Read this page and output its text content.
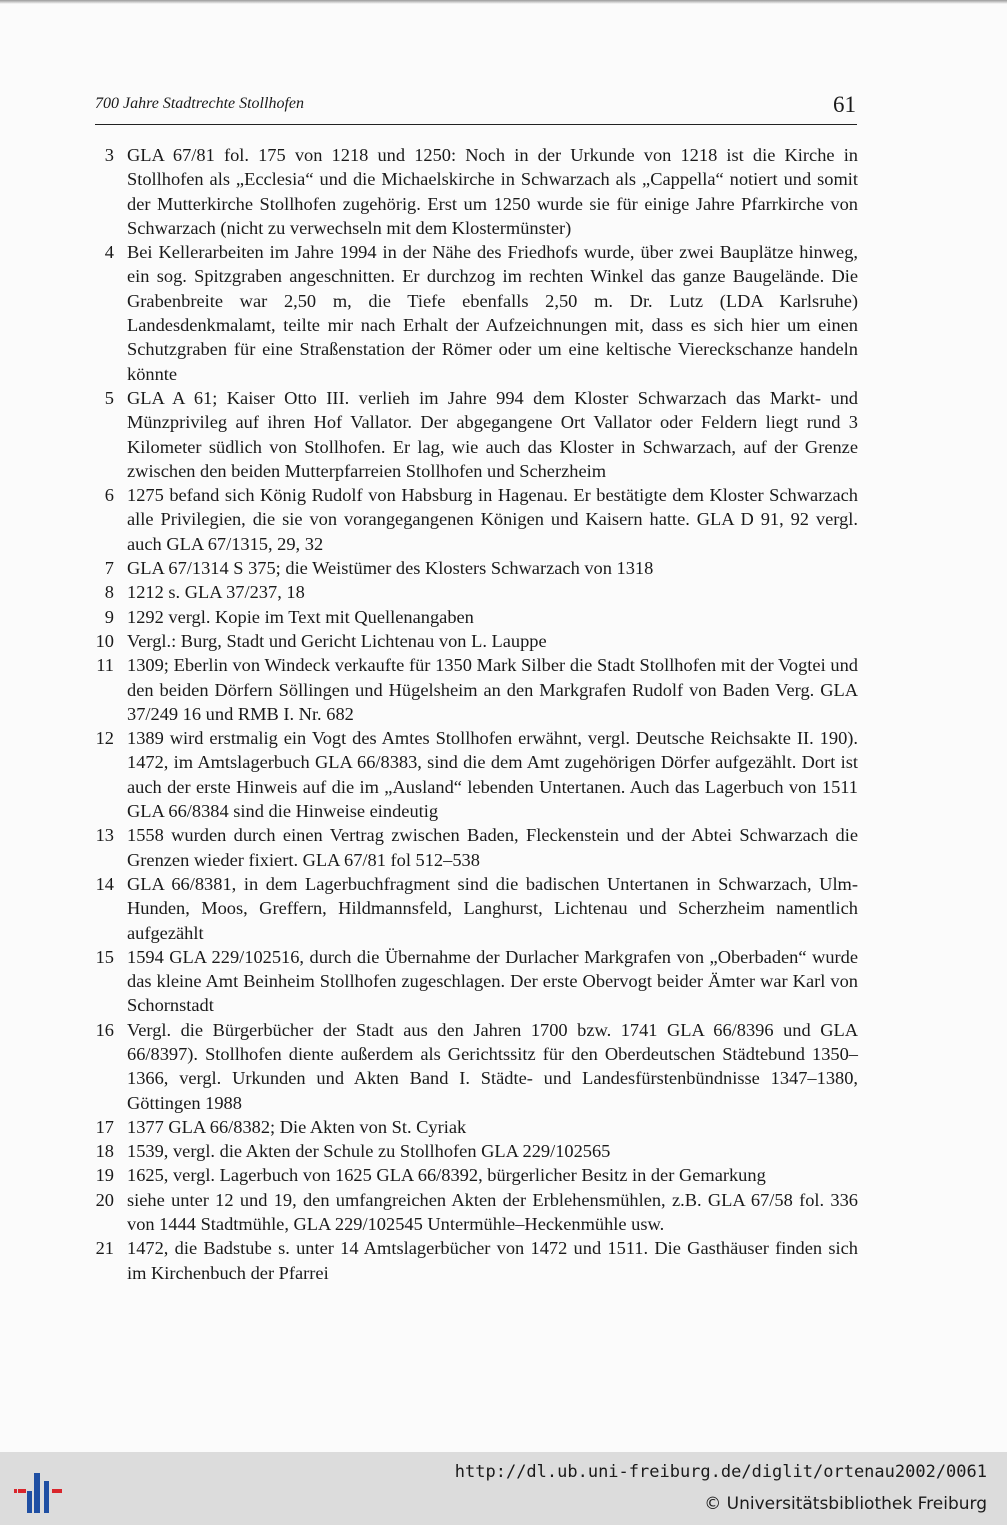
700 Jahre Stadtrechte Stollhofen	61
3 GLA 67/81 fol. 175 von 1218 und 1250: Noch in der Urkunde von 1218 ist die Kirche in Stollhofen als „Ecclesia“ und die Michaelskirche in Schwarzach als „Cappella“ notiert und somit der Mutterkirche Stollhofen zugehörig. Erst um 1250 wurde sie für einige Jahre Pfarrkirche von Schwarzach (nicht zu verwechseln mit dem Klostermünster)
4 Bei Kellerarbeiten im Jahre 1994 in der Nähe des Friedhofs wurde, über zwei Bauplätze hinweg, ein sog. Spitzgraben angeschnitten. Er durchzog im rechten Winkel das ganze Baugelände. Die Grabenbreite war 2,50 m, die Tiefe ebenfalls 2,50 m. Dr. Lutz (LDA Karlsruhe) Landesdenkmalamt, teilte mir nach Erhalt der Aufzeichnungen mit, dass es sich hier um einen Schutzgraben für eine Straßenstation der Römer oder um eine keltische Viereckschanze handeln könnte
5 GLA A 61; Kaiser Otto III. verlieh im Jahre 994 dem Kloster Schwarzach das Markt- und Münzprivileg auf ihren Hof Vallator. Der abgegangene Ort Vallator oder Feldern liegt rund 3 Kilometer südlich von Stollhofen. Er lag, wie auch das Kloster in Schwarzach, auf der Grenze zwischen den beiden Mutterpfarreien Stollhofen und Scherzheim
6 1275 befand sich König Rudolf von Habsburg in Hagenau. Er bestätigte dem Kloster Schwarzach alle Privilegien, die sie von vorangegangenen Königen und Kaisern hatte. GLA D 91, 92 vergl. auch GLA 67/1315, 29, 32
7 GLA 67/1314 S 375; die Weistümer des Klosters Schwarzach von 1318
8 1212 s. GLA 37/237, 18
9 1292 vergl. Kopie im Text mit Quellenangaben
10 Vergl.: Burg, Stadt und Gericht Lichtenau von L. Lauppe
11 1309; Eberlin von Windeck verkaufte für 1350 Mark Silber die Stadt Stollhofen mit der Vogtei und den beiden Dörfern Söllingen und Hügelsheim an den Markgrafen Rudolf von Baden Verg. GLA 37/249 16 und RMB I. Nr. 682
12 1389 wird erstmalig ein Vogt des Amtes Stollhofen erwähnt, vergl. Deutsche Reichsakte II. 190). 1472, im Amtslagerbuch GLA 66/8383, sind die dem Amt zugehörigen Dörfer aufgezählt. Dort ist auch der erste Hinweis auf die im „Ausland“ lebenden Untertanen. Auch das Lagerbuch von 1511 GLA 66/8384 sind die Hinweise eindeutig
13 1558 wurden durch einen Vertrag zwischen Baden, Fleckenstein und der Abtei Schwarzach die Grenzen wieder fixiert. GLA 67/81 fol 512–538
14 GLA 66/8381, in dem Lagerbuchfragment sind die badischen Untertanen in Schwarzach, Ulm-Hunden, Moos, Greffern, Hildmannsfeld, Langhurst, Lichtenau und Scherzheim namentlich aufgezählt
15 1594 GLA 229/102516, durch die Übernahme der Durlacher Markgrafen von „Oberbaden“ wurde das kleine Amt Beinheim Stollhofen zugeschlagen. Der erste Obervogt beider Ämter war Karl von Schornstadt
16 Vergl. die Bürgerbücher der Stadt aus den Jahren 1700 bzw. 1741 GLA 66/8396 und GLA 66/8397). Stollhofen diente außerdem als Gerichtssitz für den Oberdeutschen Städtebund 1350–1366, vergl. Urkunden und Akten Band I. Städte- und Landesfürstenbündnisse 1347–1380, Göttingen 1988
17 1377 GLA 66/8382; Die Akten von St. Cyriak
18 1539, vergl. die Akten der Schule zu Stollhofen GLA 229/102565
19 1625, vergl. Lagerbuch von 1625 GLA 66/8392, bürgerlicher Besitz in der Gemarkung
20 siehe unter 12 und 19, den umfangreichen Akten der Erblehensmühlen, z.B. GLA 67/58 fol. 336 von 1444 Stadtmühle, GLA 229/102545 Untermühle–Heckenmühle usw.
21 1472, die Badstube s. unter 14 Amtslagerbücher von 1472 und 1511. Die Gasthäuser finden sich im Kirchenbuch der Pfarrei
http://dl.ub.uni-freiburg.de/diglit/ortenau2002/0061
© Universitätsbibliothek Freiburg
